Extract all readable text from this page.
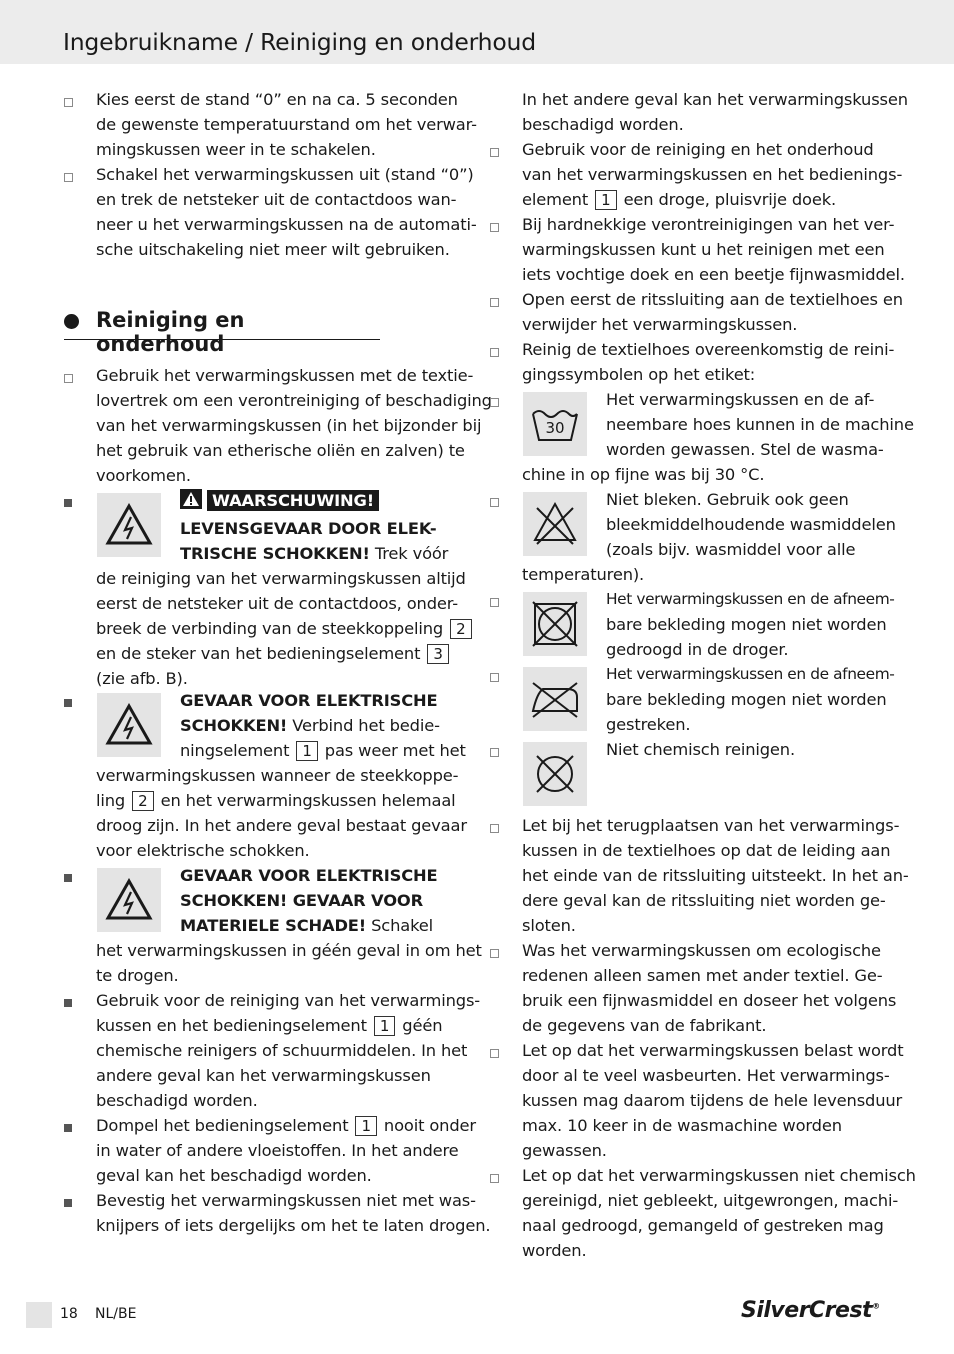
Ingebruikname / Reiniging en onderhoud
Kies eerst de stand “0” en na ca. 5 seconden
de gewenste temperatuurstand om het verwar-
mingskussen weer in te schakelen.
Schakel het verwarmingskussen uit (stand “0”)
en trek de netsteker uit de contactdoos wan-
neer u het verwarmingskussen na de automati-
sche uitschakeling niet meer wilt gebruiken.
Reiniging en onderhoud
Gebruik het verwarmingskussen met de textie-
lovertrek om een verontreiniging of beschadiging
van het verwarmingskussen (in het bijzonder bij
het gebruik van etherische oliën en zalven) te
voorkomen.
WAARSCHUWING!
LEVENSGEVAAR DOOR ELEK-
TRISCHE SCHOKKEN! Trek vóór
de reiniging van het verwarmingskussen altijd
eerst de netsteker uit de contactdoos, onder-
breek de verbinding van de steekkoppeling 2
en de steker van het bedieningselement 3
(zie afb. B).
GEVAAR VOOR ELEKTRISCHE
SCHOKKEN! Verbind het bedie-
ningselement 1 pas weer met het
verwarmingskussen wanneer de steekkoppe-
ling 2 en het verwarmingskussen helemaal
droog zijn. In het andere geval bestaat gevaar
voor elektrische schokken.
GEVAAR VOOR ELEKTRISCHE
SCHOKKEN! GEVAAR VOOR
MATERIELE SCHADE! Schakel
het verwarmingskussen in géén geval in om het
te drogen.
Gebruik voor de reiniging van het verwarmings-
kussen en het bedieningselement 1 géén
chemische reinigers of schuurmiddelen. In het
andere geval kan het verwarmingskussen
beschadigd worden.
Dompel het bedieningselement 1 nooit onder
in water of andere vloeistoffen. In het andere
geval kan het beschadigd worden.
Bevestig het verwarmingskussen niet met was-
knijpers of iets dergelijks om het te laten drogen.
In het andere geval kan het verwarmingskussen
beschadigd worden.
Gebruik voor de reiniging en het onderhoud
van het verwarmingskussen en het bedienings-
element 1 een droge, pluisvrije doek.
Bij hardnekkige verontreinigingen van het ver-
warmingskussen kunt u het reinigen met een
iets vochtige doek en een beetje fijnwasmiddel.
Open eerst de ritssluiting aan de textielhoes en
verwijder het verwarmingskussen.
Reinig de textielhoes overeenkomstig de reini-
gingssymbolen op het etiket:
30
Het verwarmingskussen en de af-
neembare hoes kunnen in de machine
worden gewassen. Stel de wasma-
chine in op fijne was bij 30 °C.
Niet bleken. Gebruik ook geen
bleekmiddelhoudende wasmiddelen
(zoals bijv. wasmiddel voor alle
temperaturen).
Het verwarmingskussen en de afneem-
bare bekleding mogen niet worden
gedroogd in de droger.
Het verwarmingskussen en de afneem-
bare bekleding mogen niet worden
gestreken.
Niet chemisch reinigen.
Let bij het terugplaatsen van het verwarmings-
kussen in de textielhoes op dat de leiding aan
het einde van de ritssluiting uitsteekt. In het an-
dere geval kan de ritssluiting niet worden ge-
sloten.
Was het verwarmingskussen om ecologische
redenen alleen samen met ander textiel. Ge-
bruik een fijnwasmiddel en doseer het volgens
de gegevens van de fabrikant.
Let op dat het verwarmingskussen belast wordt
door al te veel wasbeurten. Het verwarmings-
kussen mag daarom tijdens de hele levensduur
max. 10 keer in de wasmachine worden
gewassen.
Let op dat het verwarmingskussen niet chemisch
gereinigd, niet gebleekt, uitgewrongen, machi-
naal gedroogd, gemangeld of gestreken mag
worden.
18 NL/BE	SilverCrest®
